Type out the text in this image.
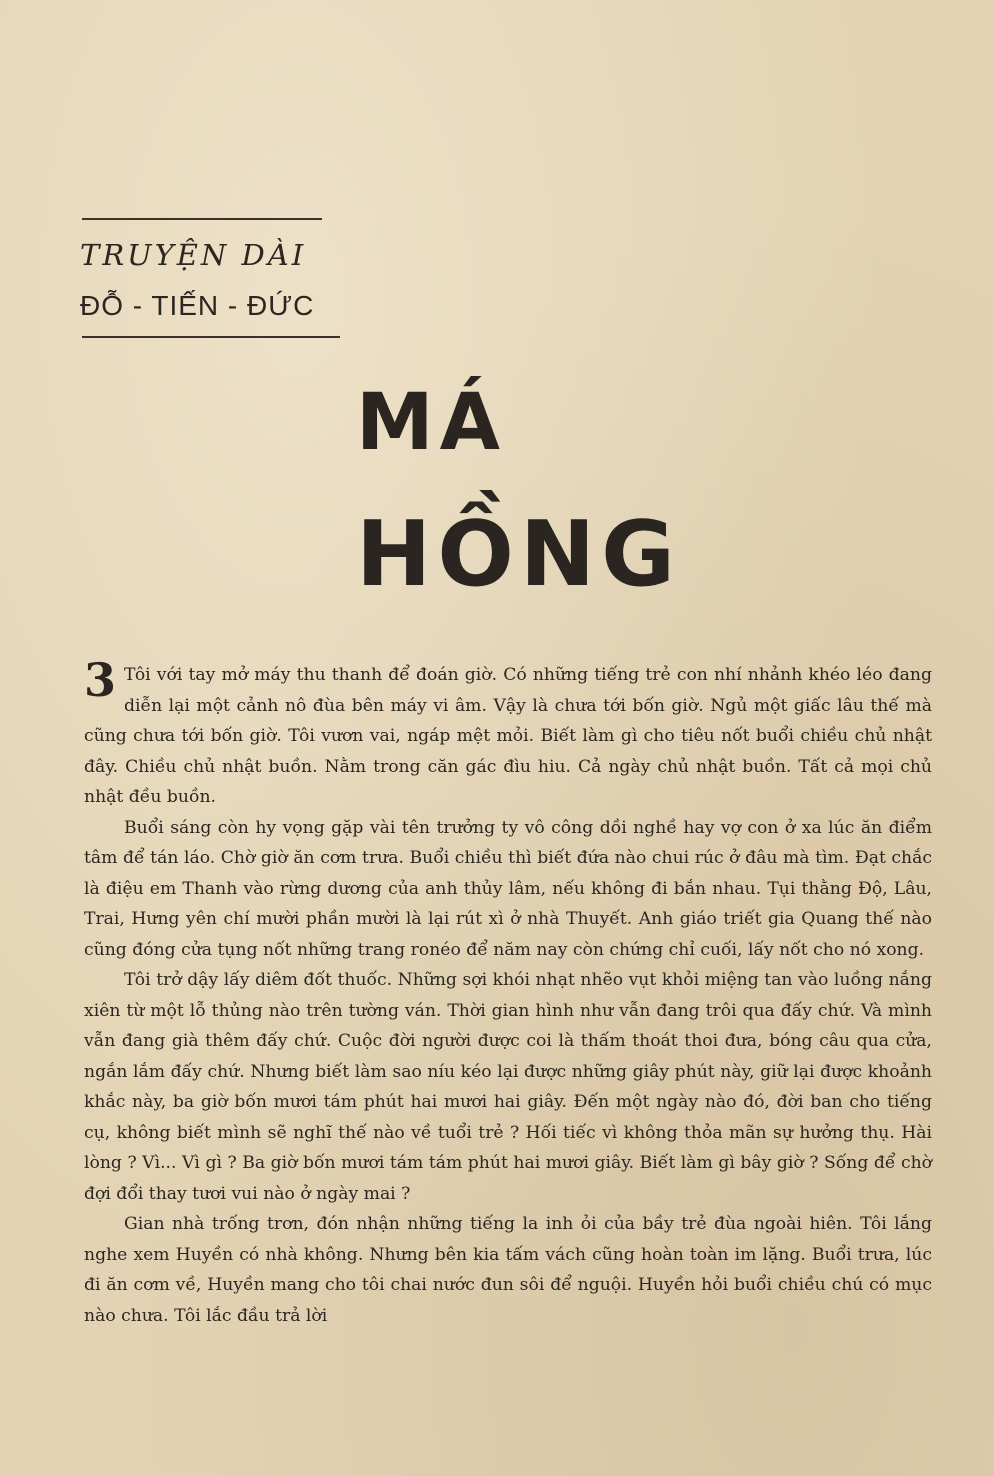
TRUYỆN DÀI
ĐỖ - TIẾN - ĐỨC
MÁ
HỒNG

3 Tôi với tay mở máy thu thanh để đoán giờ. Có những tiếng trẻ con nhí nhảnh khéo léo đang diễn lại một cảnh nô đùa bên máy vi âm. Vậy là chưa tới bốn giờ. Ngủ một giấc lâu thế mà cũng chưa tới bốn giờ. Tôi vươn vai, ngáp mệt mỏi. Biết làm gì cho tiêu nốt buổi chiều chủ nhật đây. Chiều chủ nhật buồn. Nằm trong căn gác đìu hiu. Cả ngày chủ nhật buồn. Tất cả mọi chủ nhật đều buồn.

Buổi sáng còn hy vọng gặp vài tên trưởng ty vô công dồi nghề hay vợ con ở xa lúc ăn điểm tâm để tán láo. Chờ giờ ăn cơm trưa. Buổi chiều thì biết đứa nào chui rúc ở đâu mà tìm. Đạt chắc là điệu em Thanh vào rừng dương của anh thủy lâm, nếu không đi bắn nhau. Tụi thằng Độ, Lâu, Trai, Hưng yên chí mười phần mười là lại rút xì ở nhà Thuyết. Anh giáo triết gia Quang thế nào cũng đóng cửa tụng nốt những trang ronéo để năm nay còn chứng chỉ cuối, lấy nốt cho nó xong.

Tôi trở dậy lấy diêm đốt thuốc. Những sợi khói nhạt nhẽo vụt khỏi miệng tan vào luồng nắng xiên từ một lỗ thủng nào trên tường ván. Thời gian hình như vẫn đang trôi qua đấy chứ. Và mình vẫn đang già thêm đấy chứ. Cuộc đời người được coi là thấm thoát thoi đưa, bóng câu qua cửa, ngắn lắm đấy chứ. Nhưng biết làm sao níu kéo lại được những giây phút này, giữ lại được khoảnh khắc này, ba giờ bốn mươi tám phút hai mươi hai giây. Đến một ngày nào đó, đời ban cho tiếng cụ, không biết mình sẽ nghĩ thế nào về tuổi trẻ ? Hối tiếc vì không thỏa mãn sự hưởng thụ. Hài lòng ? Vì... Vì gì ? Ba giờ bốn mươi tám tám phút hai mươi giây. Biết làm gì bây giờ ? Sống để chờ đợi đổi thay tươi vui nào ở ngày mai ?

Gian nhà trống trơn, đón nhận những tiếng la inh ỏi của bầy trẻ đùa ngoài hiên. Tôi lắng nghe xem Huyền có nhà không. Nhưng bên kia tấm vách cũng hoàn toàn im lặng. Buổi trưa, lúc đi ăn cơm về, Huyền mang cho tôi chai nước đun sôi để nguội. Huyền hỏi buổi chiều chú có mục nào chưa. Tôi lắc đầu trả lời
